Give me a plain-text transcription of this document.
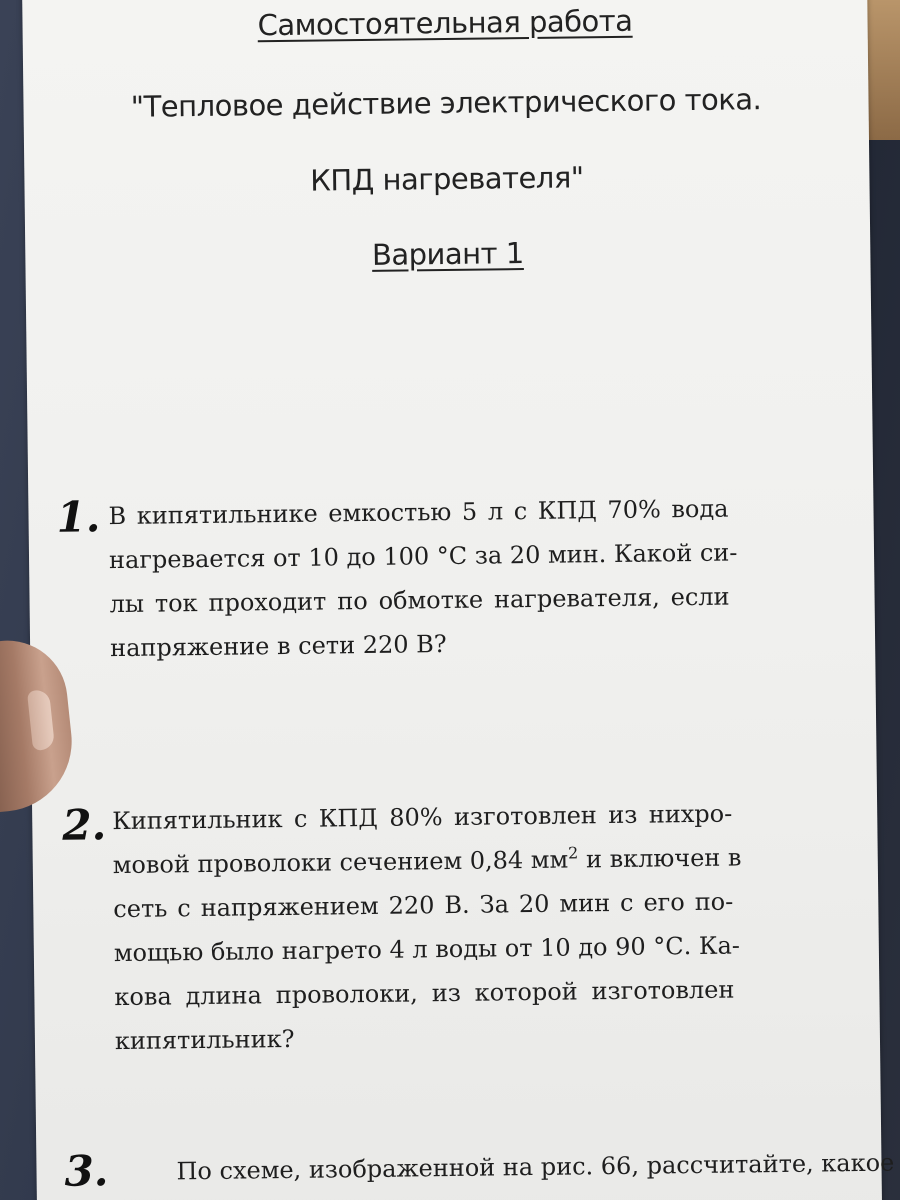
Самостоятельная работа
"Тепловое действие электрического тока.
КПД нагревателя"
Вариант 1
1. В кипятильнике емкостью 5 л с КПД 70% вода
нагревается от 10 до 100 °С за 20 мин. Какой си-
лы ток проходит по обмотке нагревателя, если
напряжение в сети 220 В?
2. Кипятильник с КПД 80% изготовлен из нихро-
мовой проволоки сечением 0,84 $мм^2$ и включен в
сеть с напряжением 220 В. За 20 мин с его по-
мощью было нагрето 4 л воды от 10 до 90 °С. Ка-
кова длина проволоки, из которой изготовлен
кипятильник?
3.	По схеме, изображенной на рис. 66, рассчитайте, какое
